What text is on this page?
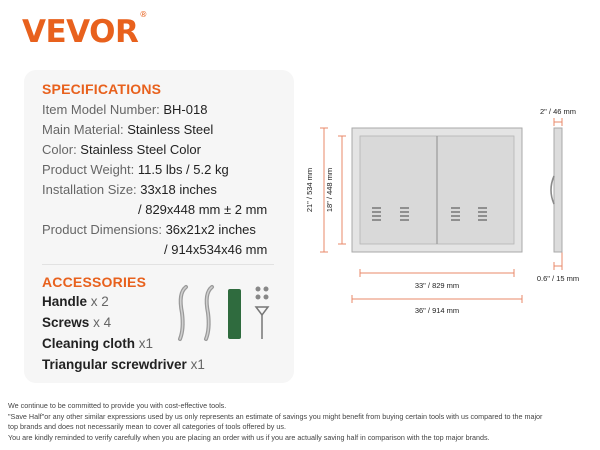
VEVOR®
SPECIFICATIONS
Item Model Number: BH-018
Main Material: Stainless Steel
Color: Stainless Steel Color
Product Weight: 11.5 lbs / 5.2 kg
Installation Size: 33x18 inches
/ 829x448 mm ± 2 mm
Product Dimensions: 36x21x2 inches
/ 914x534x46 mm
ACCESSORIES
Handle x 2
Screws x 4
Cleaning cloth x1
Triangular screwdriver x1
21" / 534 mm 18" / 448 mm
33" / 829 mm
36" / 914 mm
2" / 46 mm
0.6" / 15 mm
We continue to be committed to provide you with cost-effective tools.
"Save Half"or any other similar expressions used by us only represents an estimate of savings you might benefit from buying certain tools with us compared to the major
top brands and does not necessarily mean to cover all categories of tools offered by us.
You are kindly reminded to verify carefully when you are placing an order with us if you are actually saving half in comparison with the top major brands.
